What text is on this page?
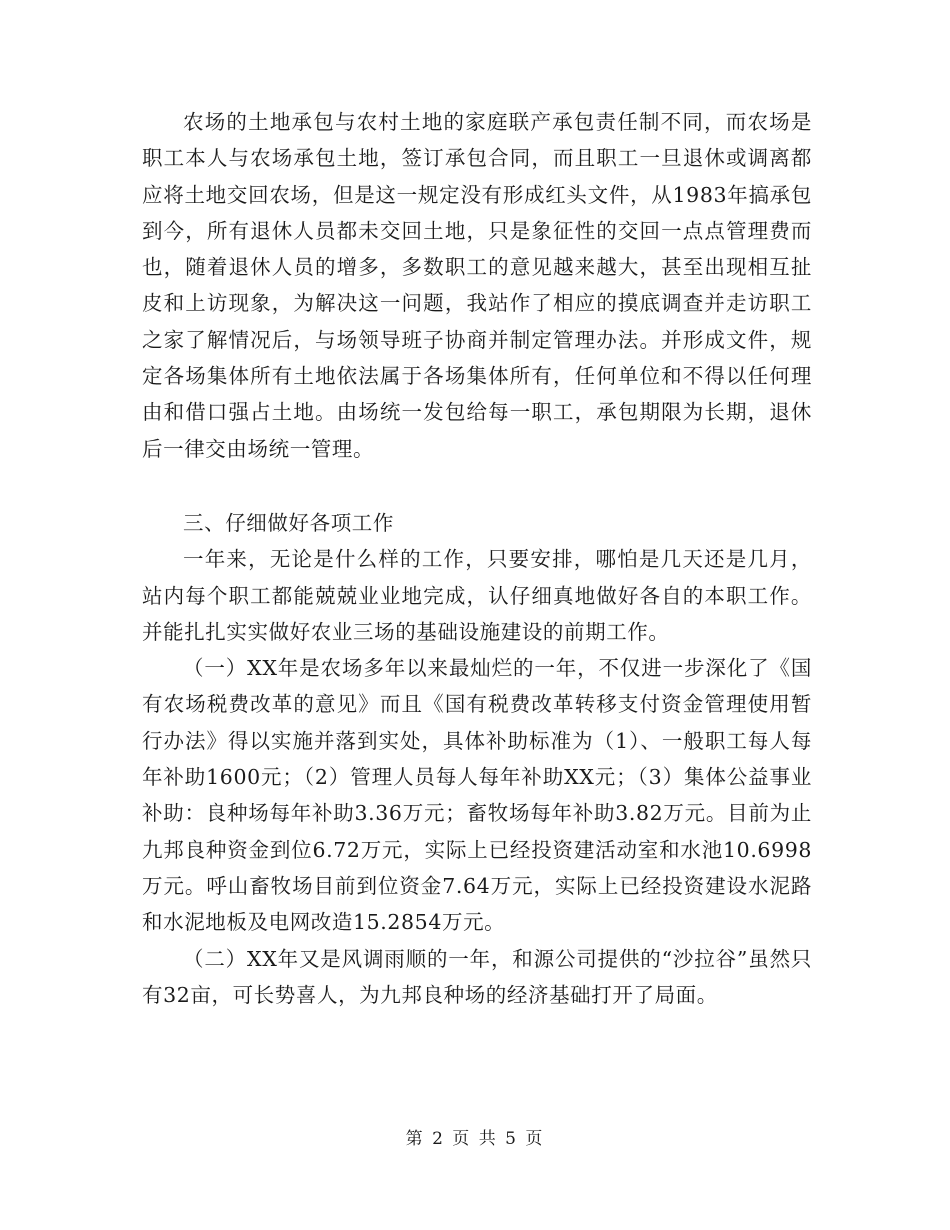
农场的土地承包与农村土地的家庭联产承包责任制不同，而农场是职工本人与农场承包土地，签订承包合同，而且职工一旦退休或调离都应将土地交回农场，但是这一规定没有形成红头文件，从1983年搞承包到今，所有退休人员都未交回土地，只是象征性的交回一点点管理费而也，随着退休人员的增多，多数职工的意见越来越大，甚至出现相互扯皮和上访现象，为解决这一问题，我站作了相应的摸底调查并走访职工之家了解情况后，与场领导班子协商并制定管理办法。并形成文件，规定各场集体所有土地依法属于各场集体所有，任何单位和不得以任何理由和借口强占土地。由场统一发包给每一职工，承包期限为长期，退休后一律交由场统一管理。

三、仔细做好各项工作

一年来，无论是什么样的工作，只要安排，哪怕是几天还是几月，站内每个职工都能兢兢业业地完成，认仔细真地做好各自的本职工作。并能扎扎实实做好农业三场的基础设施建设的前期工作。

（一）XX年是农场多年以来最灿烂的一年，不仅进一步深化了《国有农场税费改革的意见》而且《国有税费改革转移支付资金管理使用暂行办法》得以实施并落到实处，具体补助标准为（1）、一般职工每人每年补助1600元；（2）管理人员每人每年补助XX元；（3）集体公益事业补助：良种场每年补助3.36万元；畜牧场每年补助3.82万元。目前为止九邦良种资金到位6.72万元，实际上已经投资建活动室和水池10.6998万元。呼山畜牧场目前到位资金7.64万元，实际上已经投资建设水泥路和水泥地板及电网改造15.2854万元。

（二）XX年又是风调雨顺的一年，和源公司提供的“沙拉谷”虽然只有32亩，可长势喜人，为九邦良种场的经济基础打开了局面。

第 2 页 共 5 页
